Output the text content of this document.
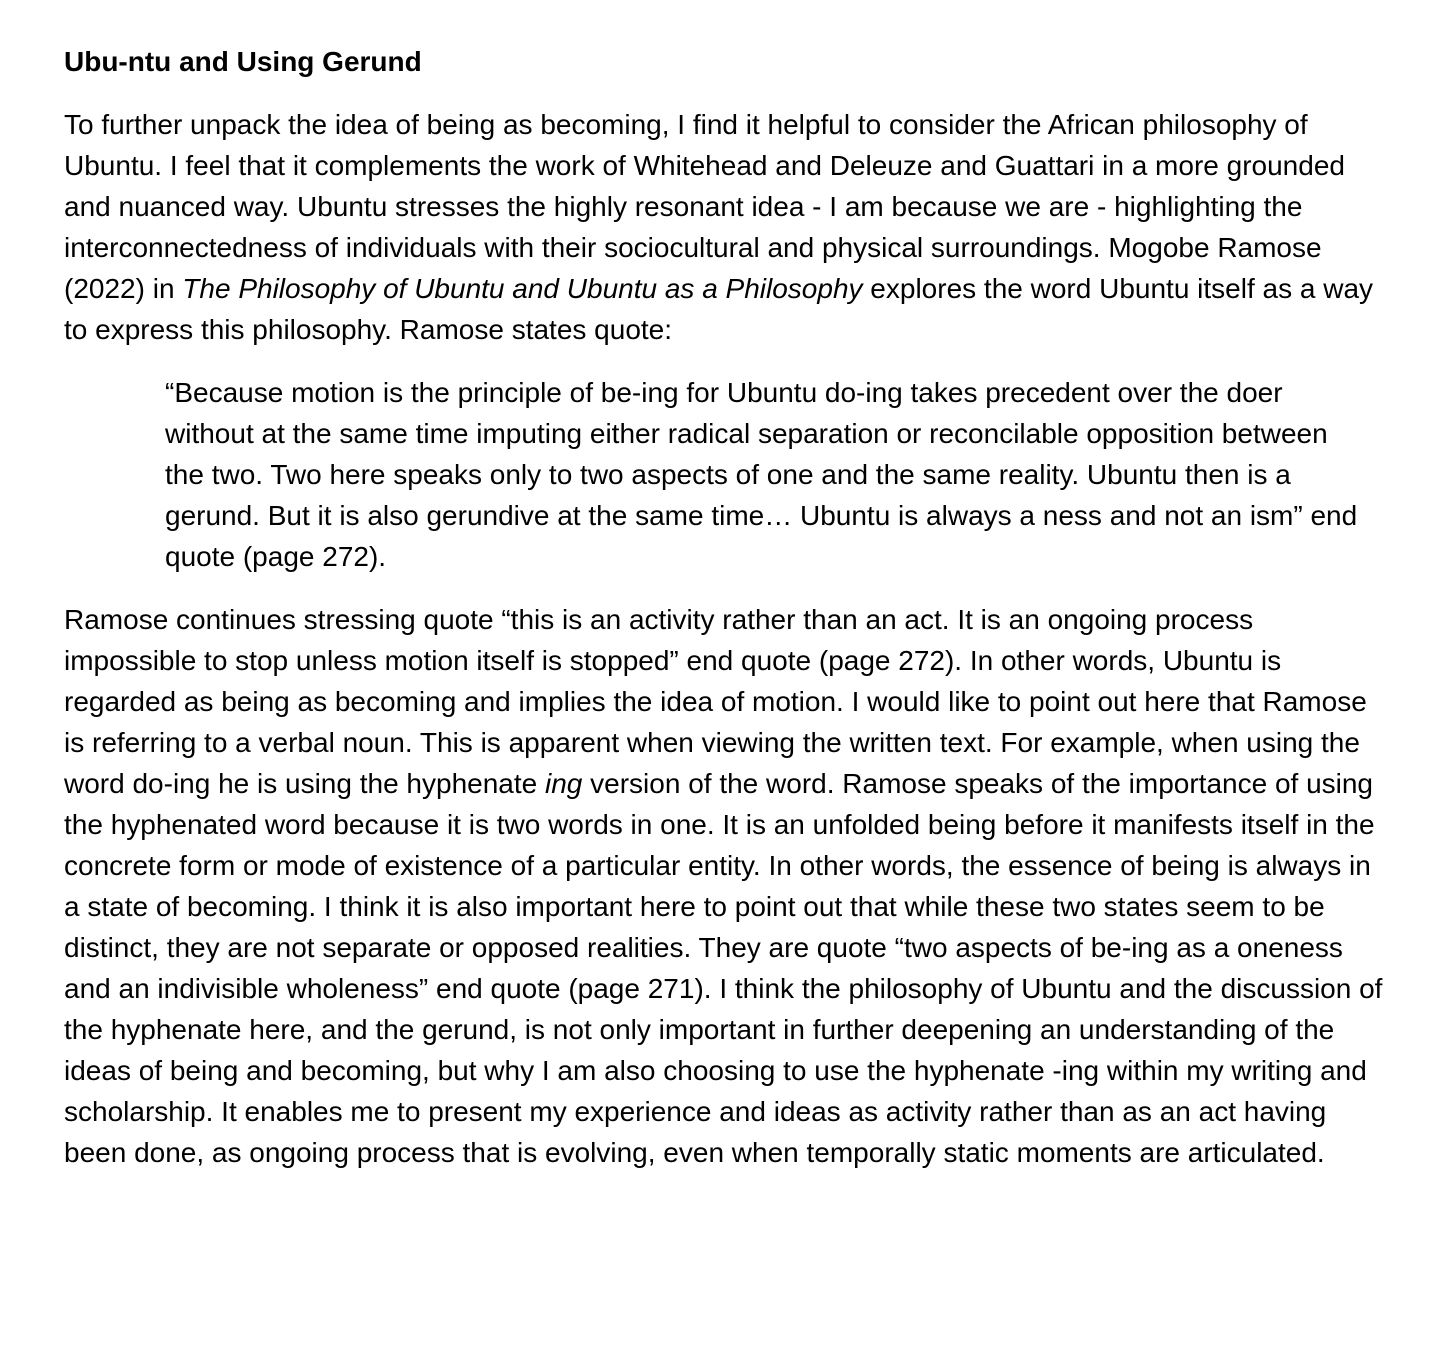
Ubu-ntu and Using Gerund

To further unpack the idea of being as becoming, I find it helpful to consider the African philosophy of Ubuntu. I feel that it complements the work of Whitehead and Deleuze and Guattari in a more grounded and nuanced way. Ubuntu stresses the highly resonant idea - I am because we are - highlighting the interconnectedness of individuals with their sociocultural and physical surroundings. Mogobe Ramose (2022) in The Philosophy of Ubuntu and Ubuntu as a Philosophy explores the word Ubuntu itself as a way to express this philosophy. Ramose states quote:

“Because motion is the principle of be-ing for Ubuntu do-ing takes precedent over the doer without at the same time imputing either radical separation or reconcilable opposition between the two. Two here speaks only to two aspects of one and the same reality. Ubuntu then is a gerund. But it is also gerundive at the same time… Ubuntu is always a ness and not an ism” end quote (page 272).

Ramose continues stressing quote “this is an activity rather than an act. It is an ongoing process impossible to stop unless motion itself is stopped” end quote (page 272). In other words, Ubuntu is regarded as being as becoming and implies the idea of motion. I would like to point out here that Ramose is referring to a verbal noun. This is apparent when viewing the written text. For example, when using the word do-ing he is using the hyphenate ing version of the word. Ramose speaks of the importance of using the hyphenated word because it is two words in one. It is an unfolded being before it manifests itself in the concrete form or mode of existence of a particular entity. In other words, the essence of being is always in a state of becoming. I think it is also important here to point out that while these two states seem to be distinct, they are not separate or opposed realities. They are quote “two aspects of be-ing as a oneness and an indivisible wholeness” end quote (page 271). I think the philosophy of Ubuntu and the discussion of the hyphenate here, and the gerund, is not only important in further deepening an understanding of the ideas of being and becoming, but why I am also choosing to use the hyphenate -ing within my writing and scholarship. It enables me to present my experience and ideas as activity rather than as an act having been done, as ongoing process that is evolving, even when temporally static moments are articulated.
